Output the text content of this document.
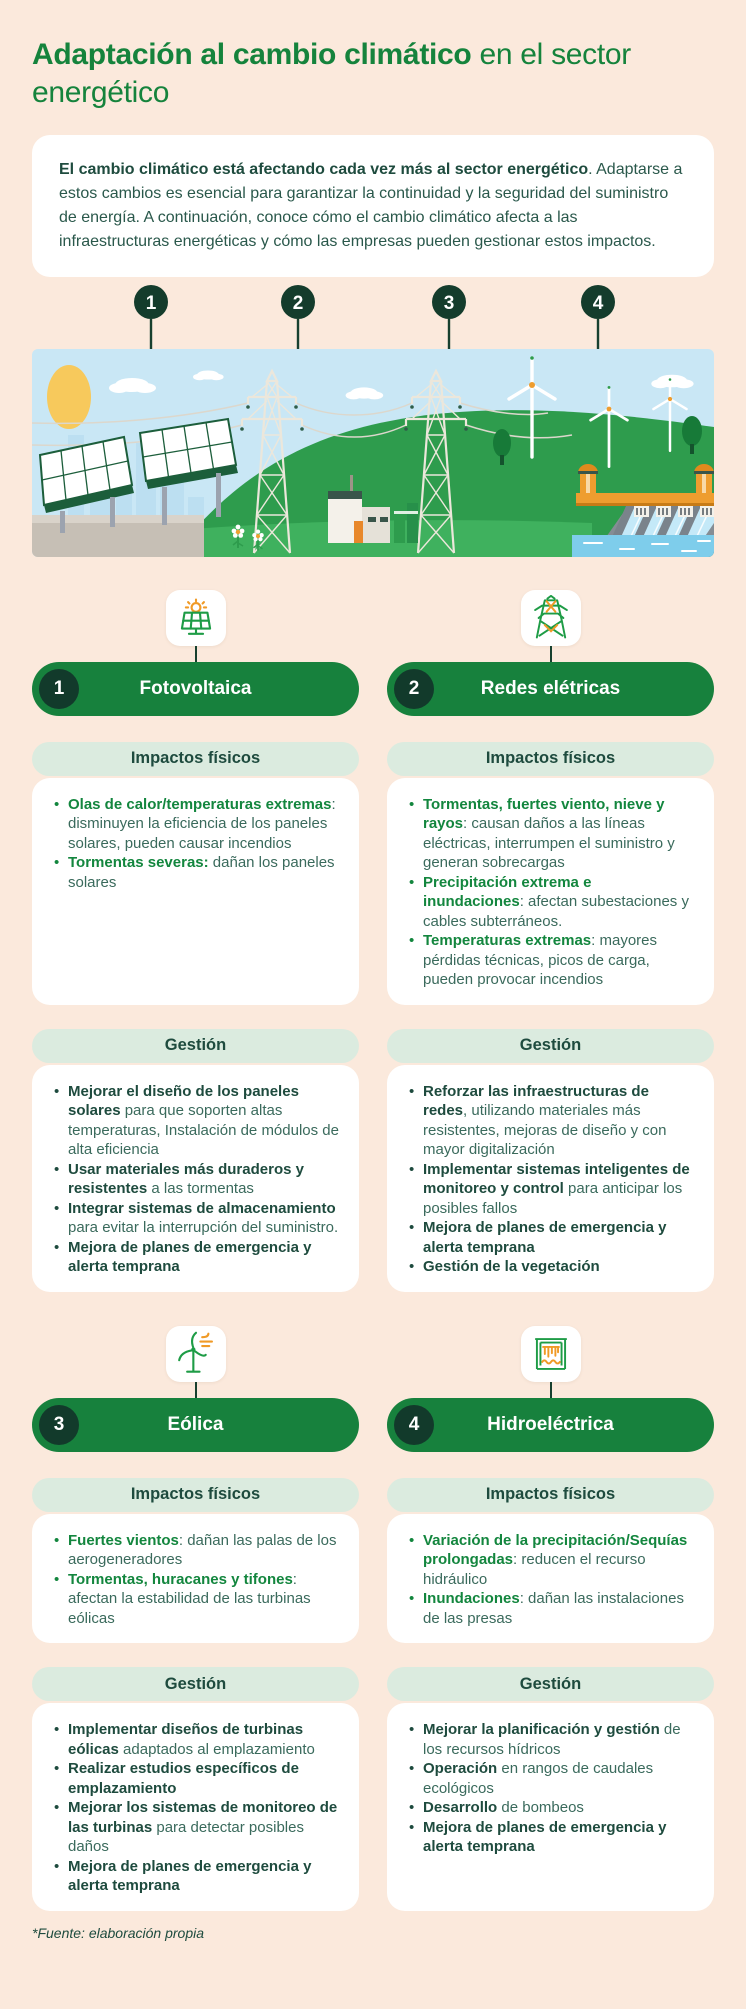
Adaptación al cambio climático en el sector
energético
El cambio climático está afectando cada vez más al sector energético. Adaptarse a estos cambios es esencial para garantizar la continuidad y la seguridad del suministro de energía. A continuación, conoce cómo el cambio climático afecta a las infraestructuras energéticas y cómo las empresas pueden gestionar estos impactos.
1	2	3	4
1	Fotovoltaica	2	Redes elétricas
Impactos físicos
• Olas de calor/temperaturas extremas: disminuyen la eficiencia de los paneles solares, pueden causar incendios
• Tormentas severas: dañan los paneles solares
Impactos físicos
• Tormentas, fuertes viento, nieve y rayos: causan daños a las líneas eléctricas, interrumpen el suministro y generan sobrecargas
• Precipitación extrema e inundaciones: afectan subestaciones y cables subterráneos.
• Temperaturas extremas: mayores pérdidas técnicas, picos de carga, pueden provocar incendios
Gestión
• Mejorar el diseño de los paneles solares para que soporten altas temperaturas, Instalación de módulos de alta eficiencia
• Usar materiales más duraderos y resistentes a las tormentas
• Integrar sistemas de almacenamiento para evitar la interrupción del suministro.
• Mejora de planes de emergencia y alerta temprana
Gestión
• Reforzar las infraestructuras de redes, utilizando materiales más resistentes, mejoras de diseño y con mayor digitalización
• Implementar sistemas inteligentes de monitoreo y control para anticipar los posibles fallos
• Mejora de planes de emergencia y alerta temprana
• Gestión de la vegetación
3	Eólica	4	Hidroeléctrica
Impactos físicos
• Fuertes vientos: dañan las palas de los aerogeneradores
• Tormentas, huracanes y tifones: afectan la estabilidad de las turbinas eólicas
Impactos físicos
• Variación de la precipitación/Sequías prolongadas: reducen el recurso hidráulico
• Inundaciones: dañan las instalaciones de las presas
Gestión
• Implementar diseños de turbinas eólicas adaptados al emplazamiento
• Realizar estudios específicos de emplazamiento
• Mejorar los sistemas de monitoreo de las turbinas para detectar posibles daños
• Mejora de planes de emergencia y alerta temprana
Gestión
• Mejorar la planificación y gestión de los recursos hídricos
• Operación en rangos de caudales ecológicos
• Desarrollo de bombeos
• Mejora de planes de emergencia y alerta temprana
*Fuente: elaboración propia
